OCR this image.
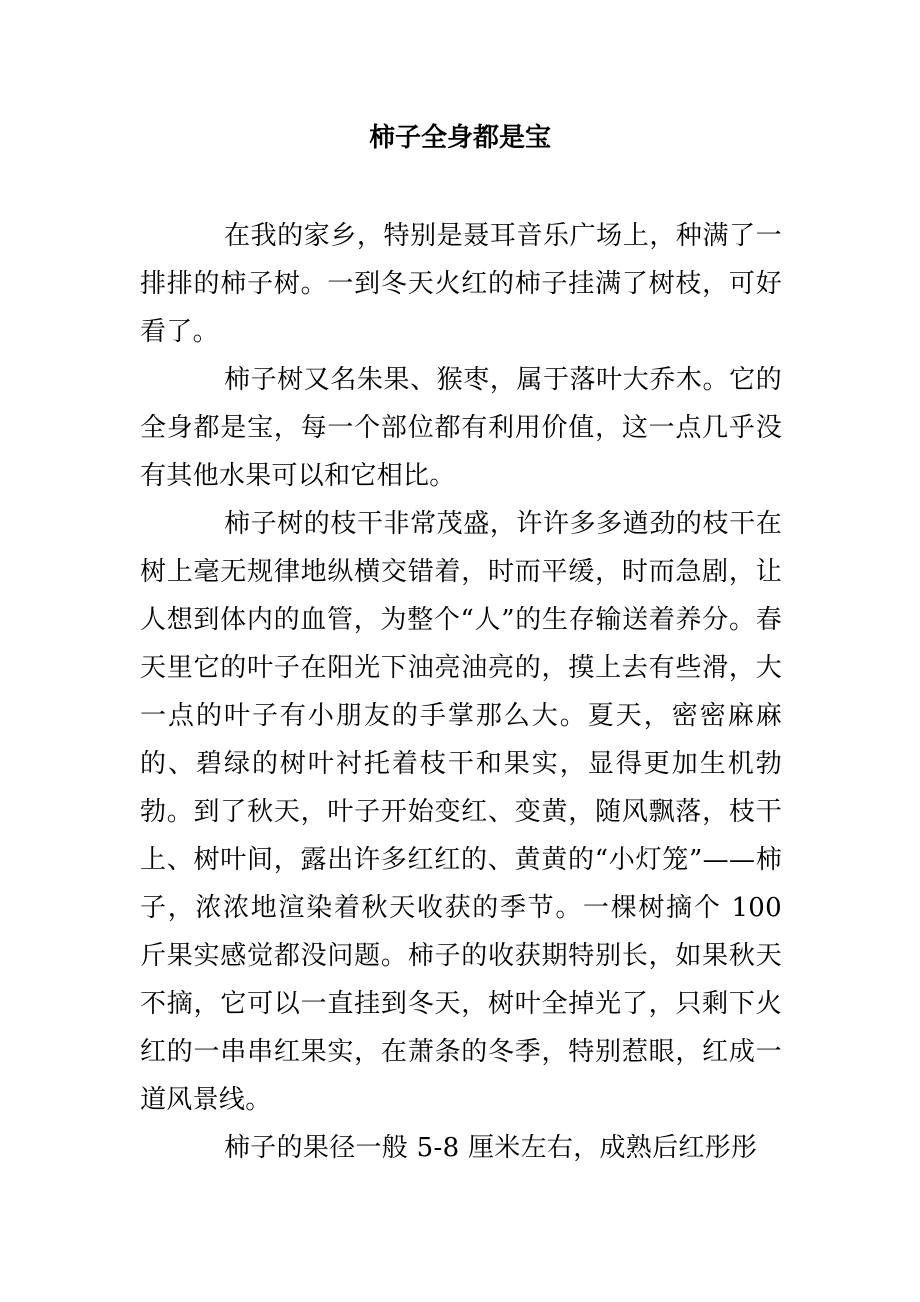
柿子全身都是宝

在我的家乡，特别是聂耳音乐广场上，种满了一排排的柿子树。一到冬天火红的柿子挂满了树枝，可好看了。

柿子树又名朱果、猴枣，属于落叶大乔木。它的全身都是宝，每一个部位都有利用价值，这一点几乎没有其他水果可以和它相比。

柿子树的枝干非常茂盛，许许多多遒劲的枝干在树上毫无规律地纵横交错着，时而平缓，时而急剧，让人想到体内的血管，为整个“人”的生存输送着养分。春天里它的叶子在阳光下油亮油亮的，摸上去有些滑，大一点的叶子有小朋友的手掌那么大。夏天，密密麻麻的、碧绿的树叶衬托着枝干和果实，显得更加生机勃勃。到了秋天，叶子开始变红、变黄，随风飘落，枝干上、树叶间，露出许多红红的、黄黄的“小灯笼”——柿子，浓浓地渲染着秋天收获的季节。一棵树摘个 100 斤果实感觉都没问题。柿子的收获期特别长，如果秋天不摘，它可以一直挂到冬天，树叶全掉光了，只剩下火红的一串串红果实，在萧条的冬季，特别惹眼，红成一道风景线。

柿子的果径一般 5-8 厘米左右，成熟后红彤彤
